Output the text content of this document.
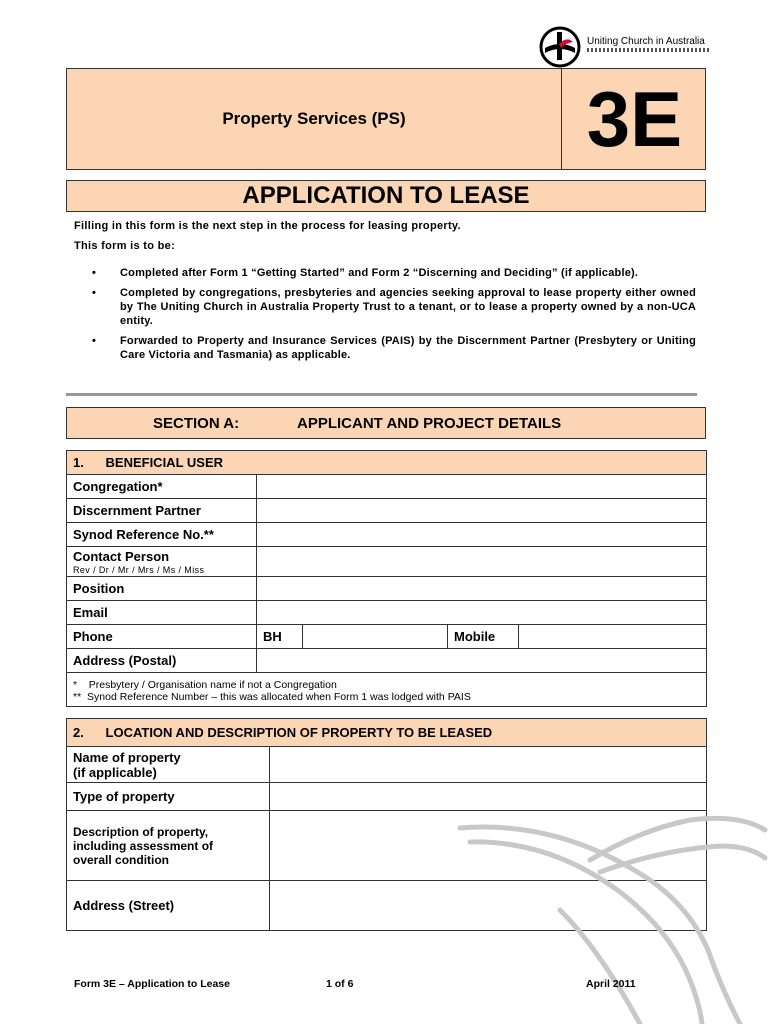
Uniting Church in Australia
Property Services (PS)	3E
APPLICATION TO LEASE
Filling in this form is the next step in the process for leasing property.
This form is to be:
• Completed after Form 1 “Getting Started” and Form 2 “Discerning and Deciding” (if applicable).
• Completed by congregations, presbyteries and agencies seeking approval to lease property either owned by The Uniting Church in Australia Property Trust to a tenant, or to lease a property owned by a non-UCA entity.
• Forwarded to Property and Insurance Services (PAIS) by the Discernment Partner (Presbytery or Uniting Care Victoria and Tasmania) as applicable.
SECTION A:	APPLICANT AND PROJECT DETAILS
1. BENEFICIAL USER				
Congregation*				
Discernment Partner				
Synod Reference No.**				
Contact Person
Rev / Dr / Mr / Mrs / Ms / Miss				

Position				
Email				
Phone	BH		Mobile	
Address (Postal)				

*    Presbytery / Organisation name if not a Congregation
**  Synod Reference Number – this was allocated when Form 1 was lodged with PAIS				
2. LOCATION AND DESCRIPTION OF PROPERTY TO BE LEASED	

Name of property
(if applicable)	

Type of property	

Description of property,
including assessment of
overall condition	

Address (Street)	
Form 3E – Application to Lease	1 of 6	April 2011
